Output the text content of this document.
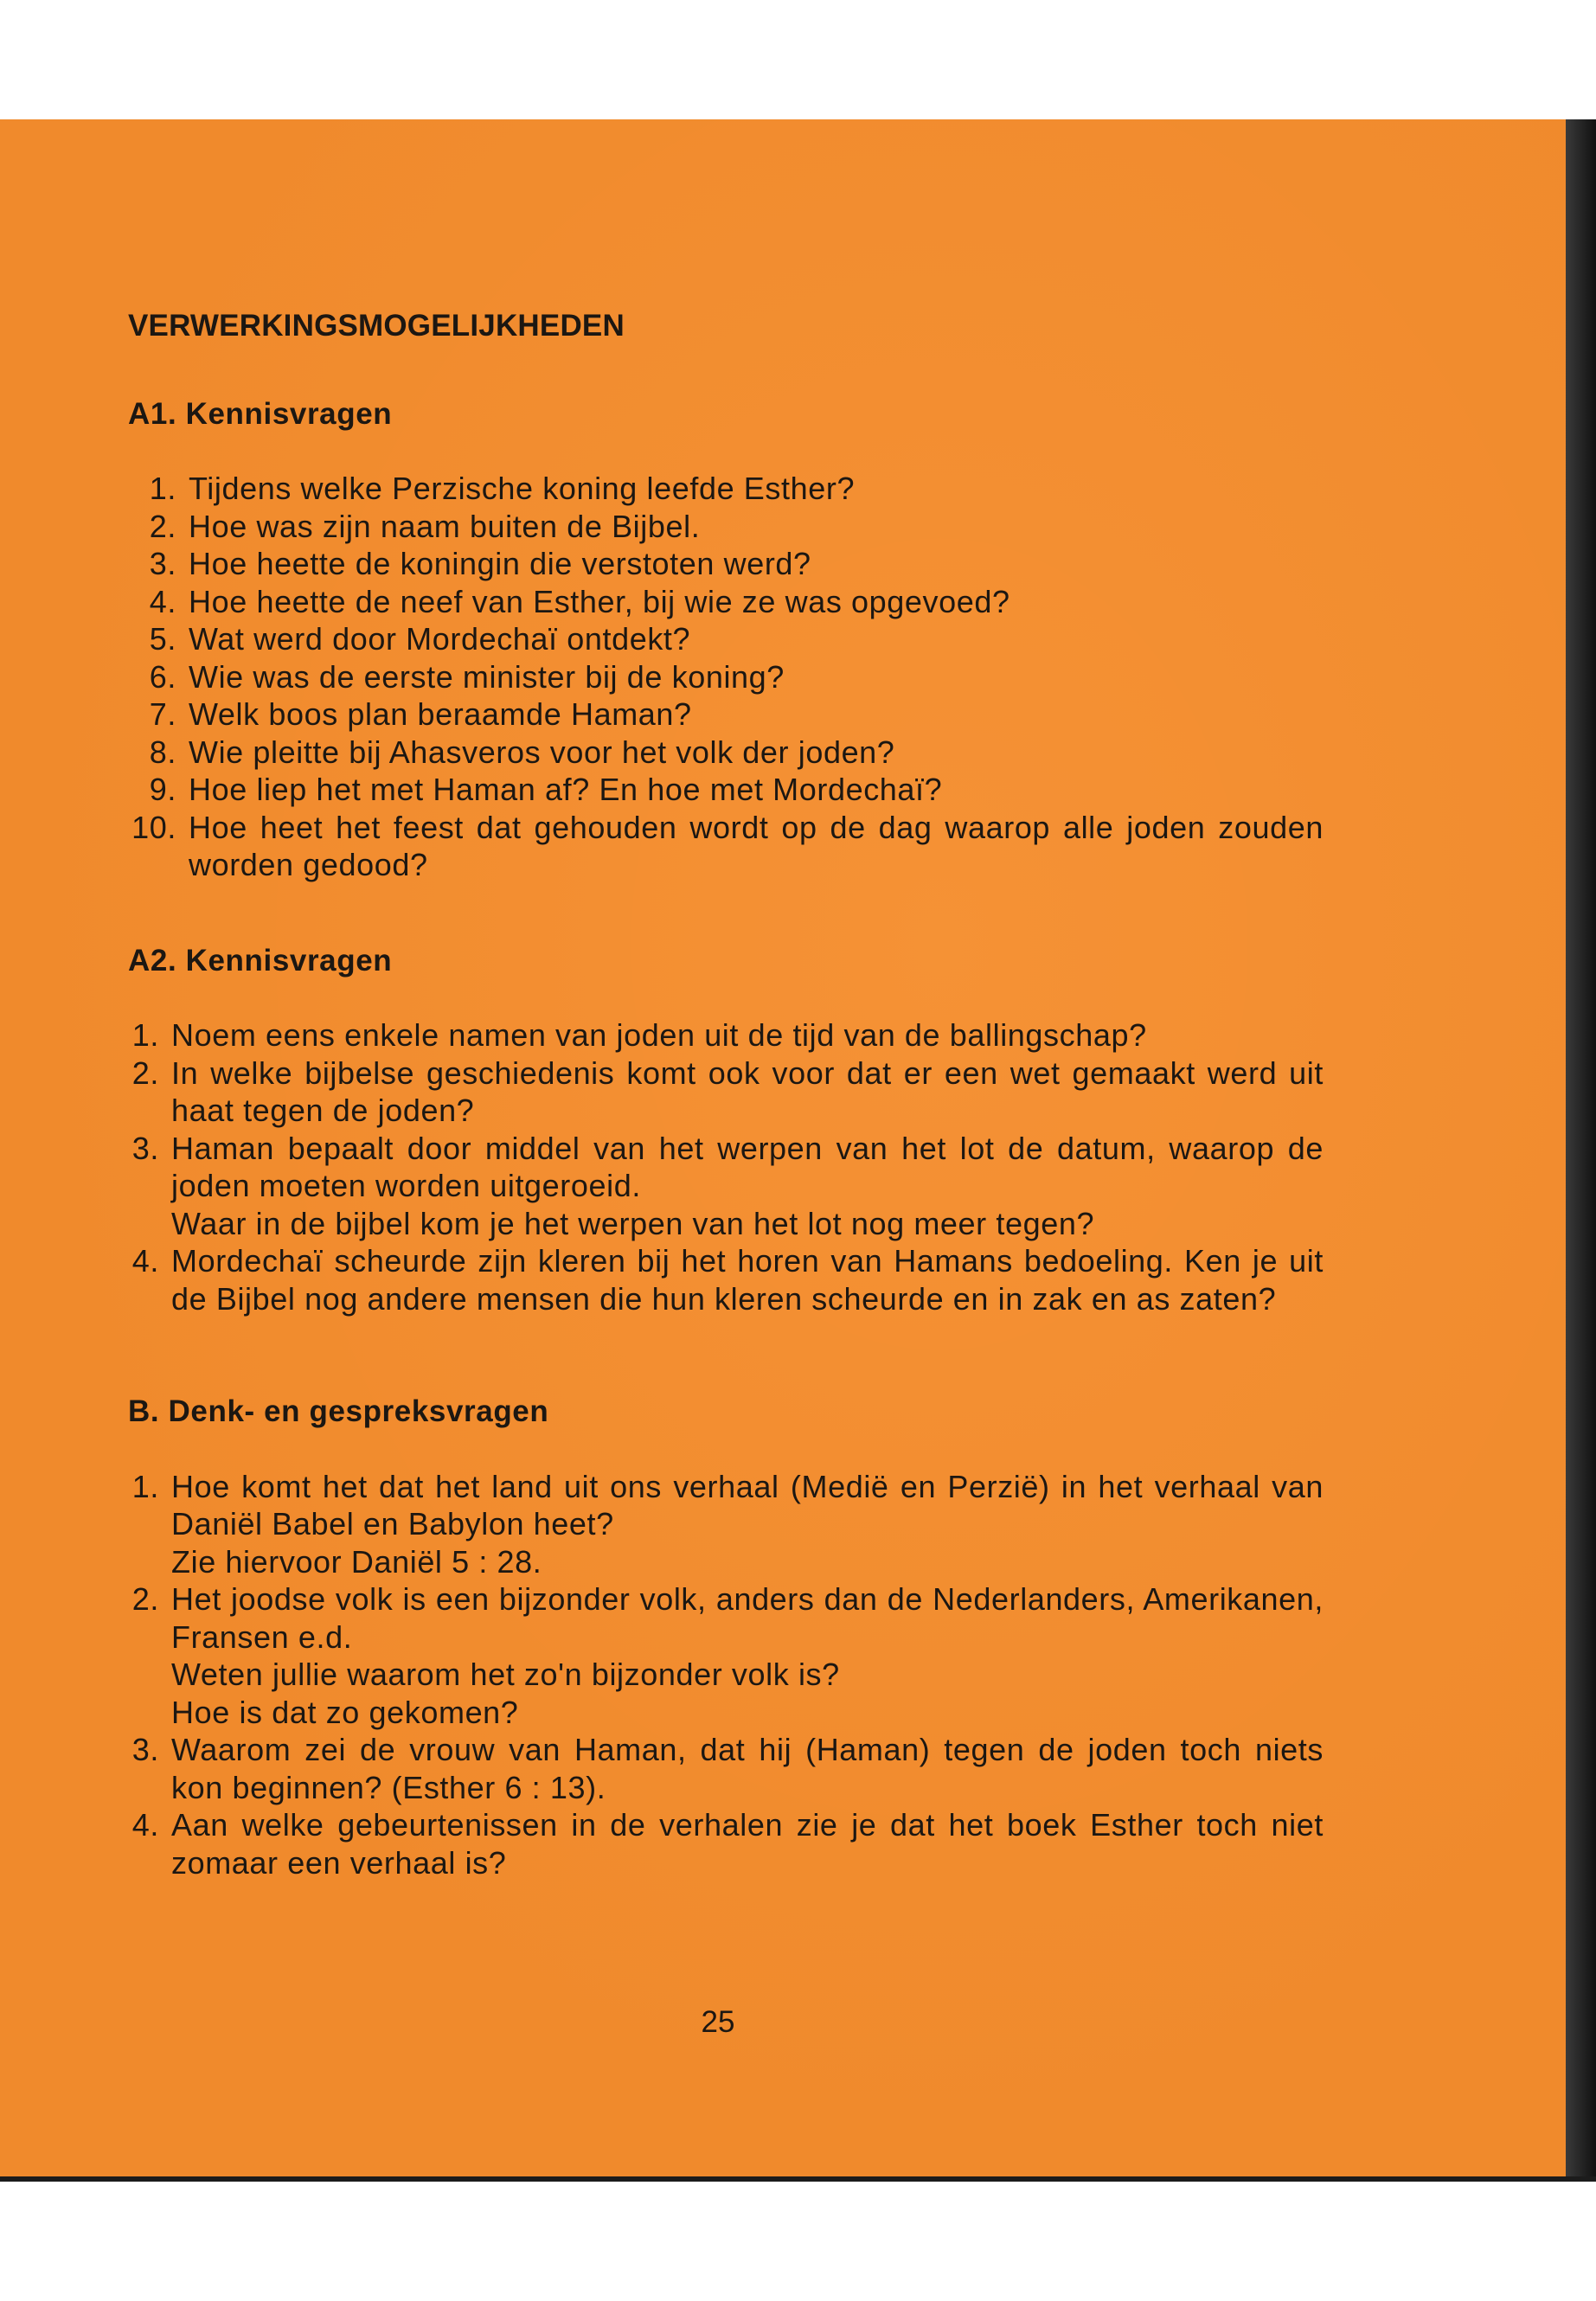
VERWERKINGSMOGELIJKHEDEN
A1. Kennisvragen
1. Tijdens welke Perzische koning leefde Esther?
2. Hoe was zijn naam buiten de Bijbel.
3. Hoe heette de koningin die verstoten werd?
4. Hoe heette de neef van Esther, bij wie ze was opgevoed?
5. Wat werd door Mordechaï ontdekt?
6. Wie was de eerste minister bij de koning?
7. Welk boos plan beraamde Haman?
8. Wie pleitte bij Ahasveros voor het volk der joden?
9. Hoe liep het met Haman af? En hoe met Mordechaï?
10. Hoe heet het feest dat gehouden wordt op de dag waarop alle joden zouden worden gedood?
A2. Kennisvragen
1. Noem eens enkele namen van joden uit de tijd van de ballingschap?
2. In welke bijbelse geschiedenis komt ook voor dat er een wet gemaakt werd uit haat tegen de joden?
3. Haman bepaalt door middel van het werpen van het lot de datum, waarop de joden moeten worden uitgeroeid.
Waar in de bijbel kom je het werpen van het lot nog meer tegen?
4. Mordechaï scheurde zijn kleren bij het horen van Hamans bedoeling. Ken je uit de Bijbel nog andere mensen die hun kleren scheurde en in zak en as zaten?
B. Denk- en gespreksvragen
1. Hoe komt het dat het land uit ons verhaal (Medië en Perzië) in het verhaal van Daniël Babel en Babylon heet?
Zie hiervoor Daniël 5 : 28.
2. Het joodse volk is een bijzonder volk, anders dan de Nederlanders, Amerikanen, Fransen e.d.
Weten jullie waarom het zo'n bijzonder volk is?
Hoe is dat zo gekomen?
3. Waarom zei de vrouw van Haman, dat hij (Haman) tegen de joden toch niets kon beginnen? (Esther 6 : 13).
4. Aan welke gebeurtenissen in de verhalen zie je dat het boek Esther toch niet zomaar een verhaal is?
25
